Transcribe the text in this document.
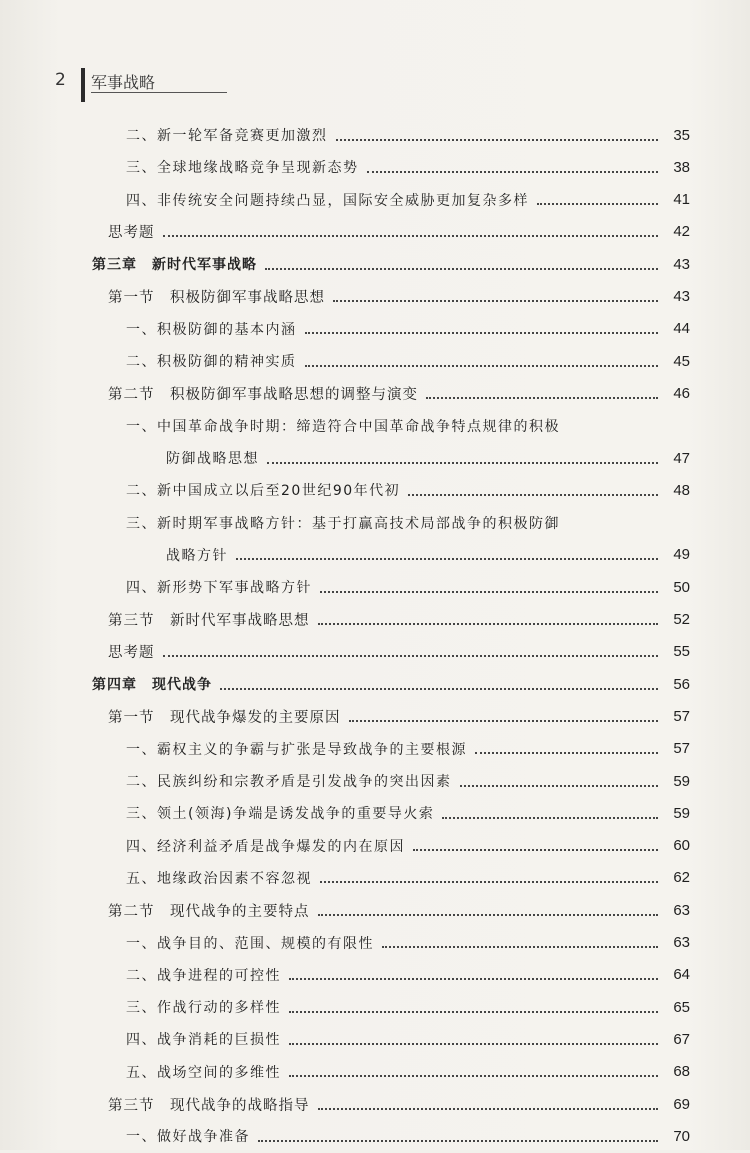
2 军事战略
二、新一轮军备竞赛更加激烈	35
三、全球地缘战略竞争呈现新态势	38
四、非传统安全问题持续凸显，国际安全威胁更加复杂多样	41
思考题	42
第三章　新时代军事战略	43
第一节　积极防御军事战略思想	43
一、积极防御的基本内涵	44
二、积极防御的精神实质	45
第二节　积极防御军事战略思想的调整与演变	46
一、中国革命战争时期：缔造符合中国革命战争特点规律的积极
防御战略思想	47
二、新中国成立以后至20世纪90年代初	48
三、新时期军事战略方针：基于打赢高技术局部战争的积极防御
战略方针	49
四、新形势下军事战略方针	50
第三节　新时代军事战略思想	52
思考题	55
第四章　现代战争	56
第一节　现代战争爆发的主要原因	57
一、霸权主义的争霸与扩张是导致战争的主要根源	57
二、民族纠纷和宗教矛盾是引发战争的突出因素	59
三、领土(领海)争端是诱发战争的重要导火索	59
四、经济利益矛盾是战争爆发的内在原因	60
五、地缘政治因素不容忽视	62
第二节　现代战争的主要特点	63
一、战争目的、范围、规模的有限性	63
二、战争进程的可控性	64
三、作战行动的多样性	65
四、战争消耗的巨损性	67
五、战场空间的多维性	68
第三节　现代战争的战略指导	69
一、做好战争准备	70
